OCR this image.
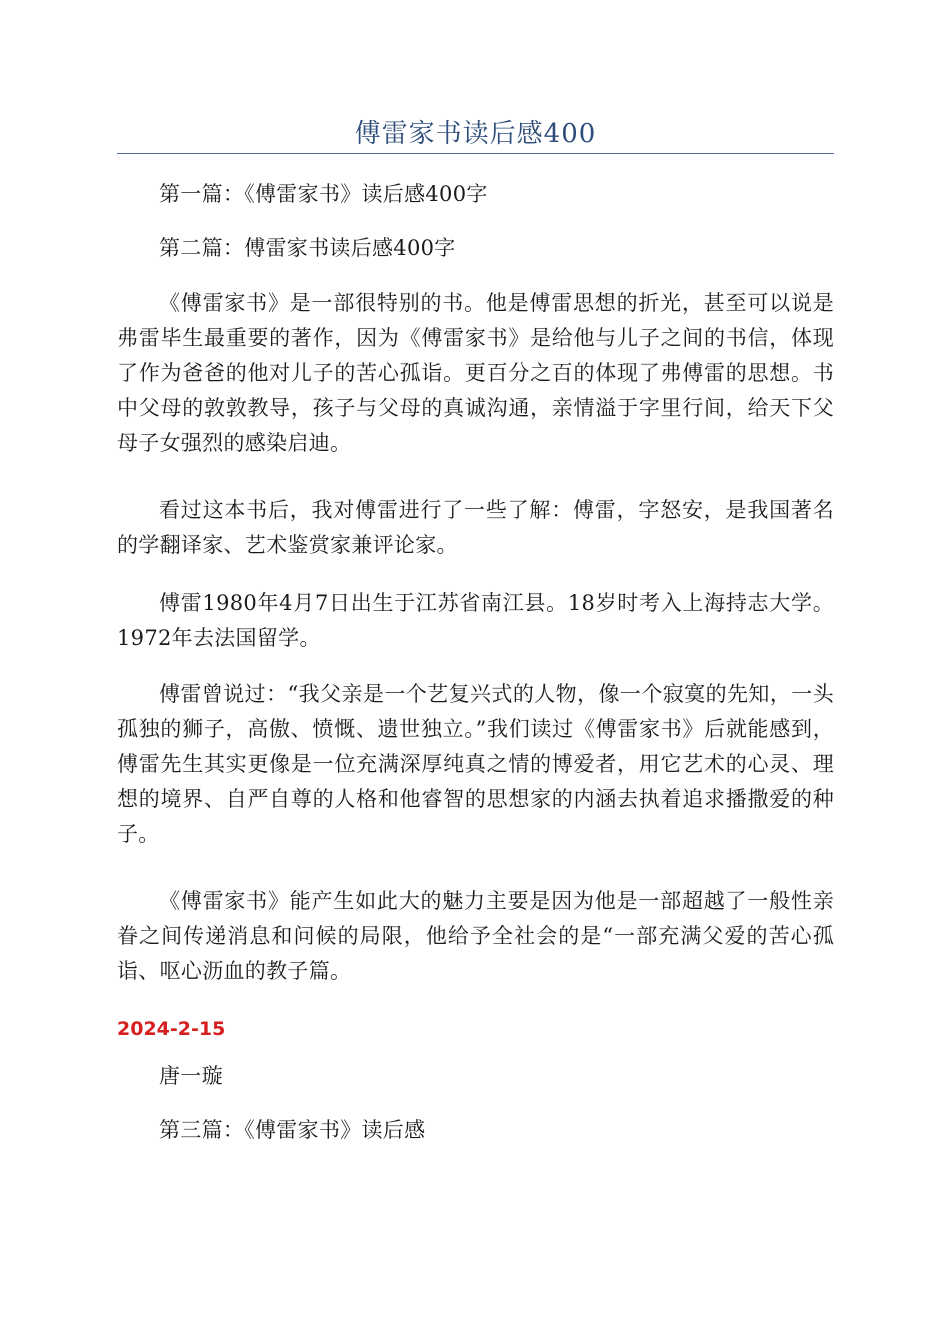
傅雷家书读后感400

第一篇：《傅雷家书》读后感400字

第二篇：傅雷家书读后感400字

《傅雷家书》是一部很特别的书。他是傅雷思想的折光，甚至可以说是弗雷毕生最重要的著作，因为《傅雷家书》是给他与儿子之间的书信，体现了作为爸爸的他对儿子的苦心孤诣。更百分之百的体现了弗傅雷的思想。书中父母的敦敦教导，孩子与父母的真诚沟通，亲情溢于字里行间，给天下父母子女强烈的感染启迪。

看过这本书后，我对傅雷进行了一些了解：傅雷，字怒安，是我国著名的学翻译家、艺术鉴赏家兼评论家。

傅雷1980年4月7日出生于江苏省南江县。18岁时考入上海持志大学。1972年去法国留学。

傅雷曾说过：“我父亲是一个艺复兴式的人物，像一个寂寞的先知，一头孤独的狮子，高傲、愤慨、遗世独立。”我们读过《傅雷家书》后就能感到，傅雷先生其实更像是一位充满深厚纯真之情的博爱者，用它艺术的心灵、理想的境界、自严自尊的人格和他睿智的思想家的内涵去执着追求播撒爱的种子。

《傅雷家书》能产生如此大的魅力主要是因为他是一部超越了一般性亲眷之间传递消息和问候的局限，他给予全社会的是“一部充满父爱的苦心孤诣、呕心沥血的教子篇。

2024-2-15

唐一璇

第三篇：《傅雷家书》读后感
